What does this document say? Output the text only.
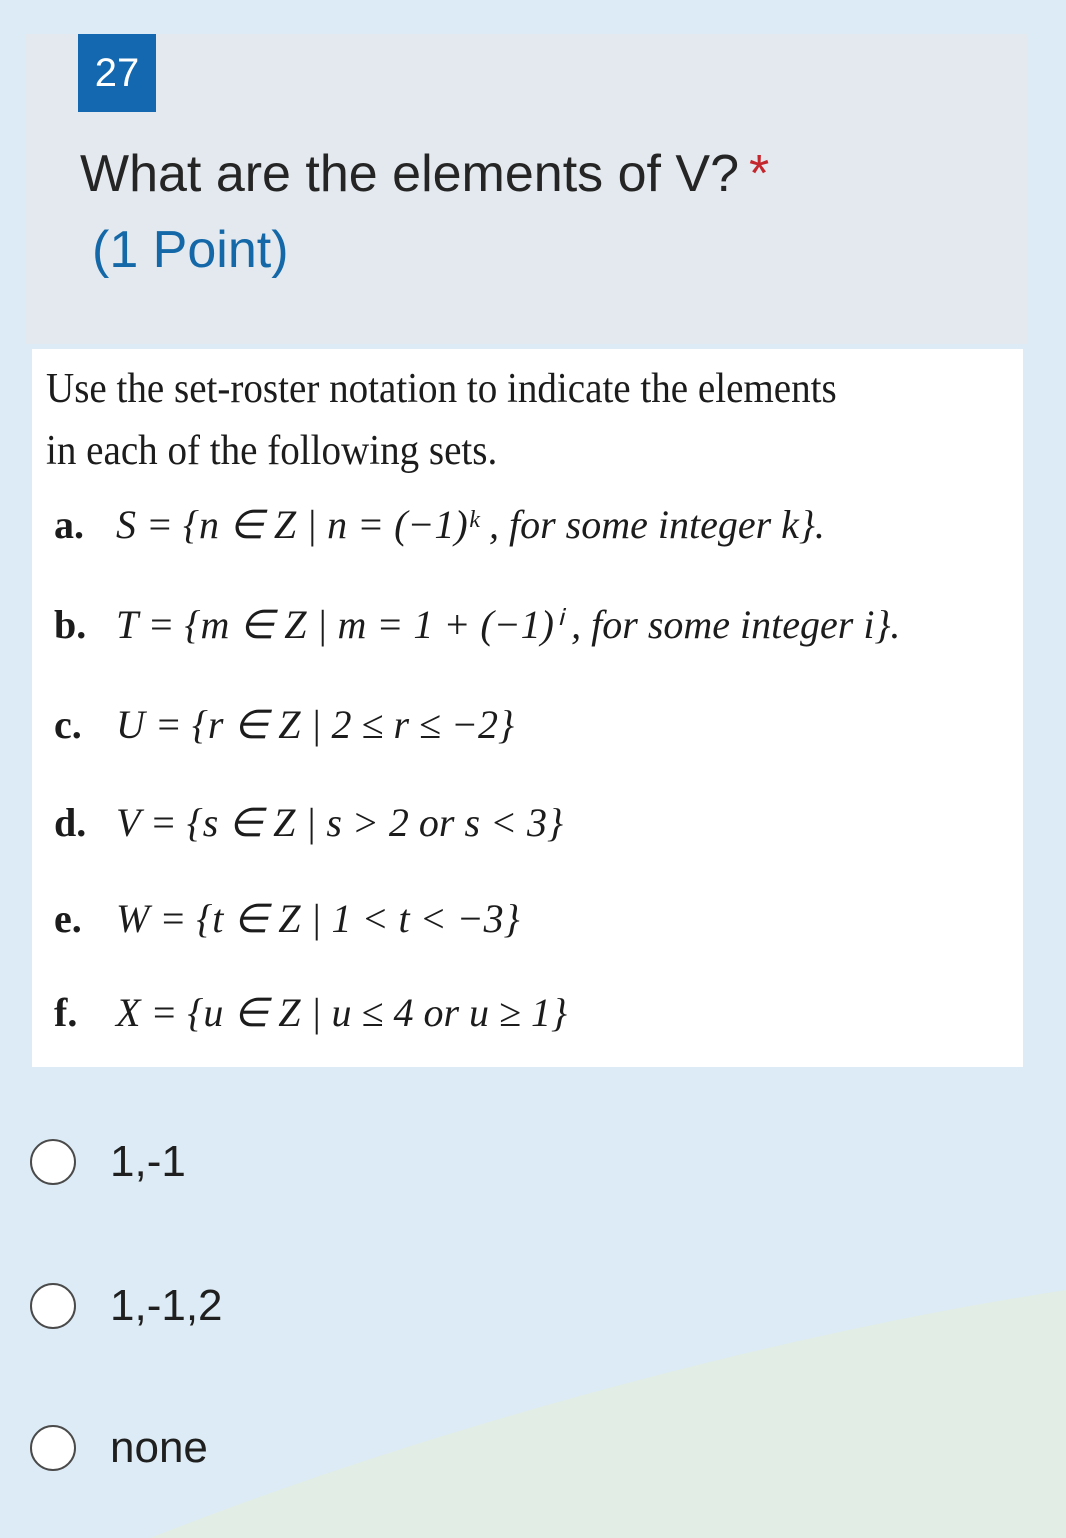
27
What are the elements of V? *
(1 Point)
Use the set-roster notation to indicate the elements
in each of the following sets.
a. S = {n ∈ Z | n = (−1)ᵏ , for some integer k}.
b. T = {m ∈ Z | m = 1 + (−1)ⁱ , for some integer i}.
c. U = {r ∈ Z | 2 ≤ r ≤ −2}
d. V = {s ∈ Z | s > 2 or s < 3}
e. W = {t ∈ Z | 1 < t < −3}
f. X = {u ∈ Z | u ≤ 4 or u ≥ 1}
1,-1
1,-1,2
none
